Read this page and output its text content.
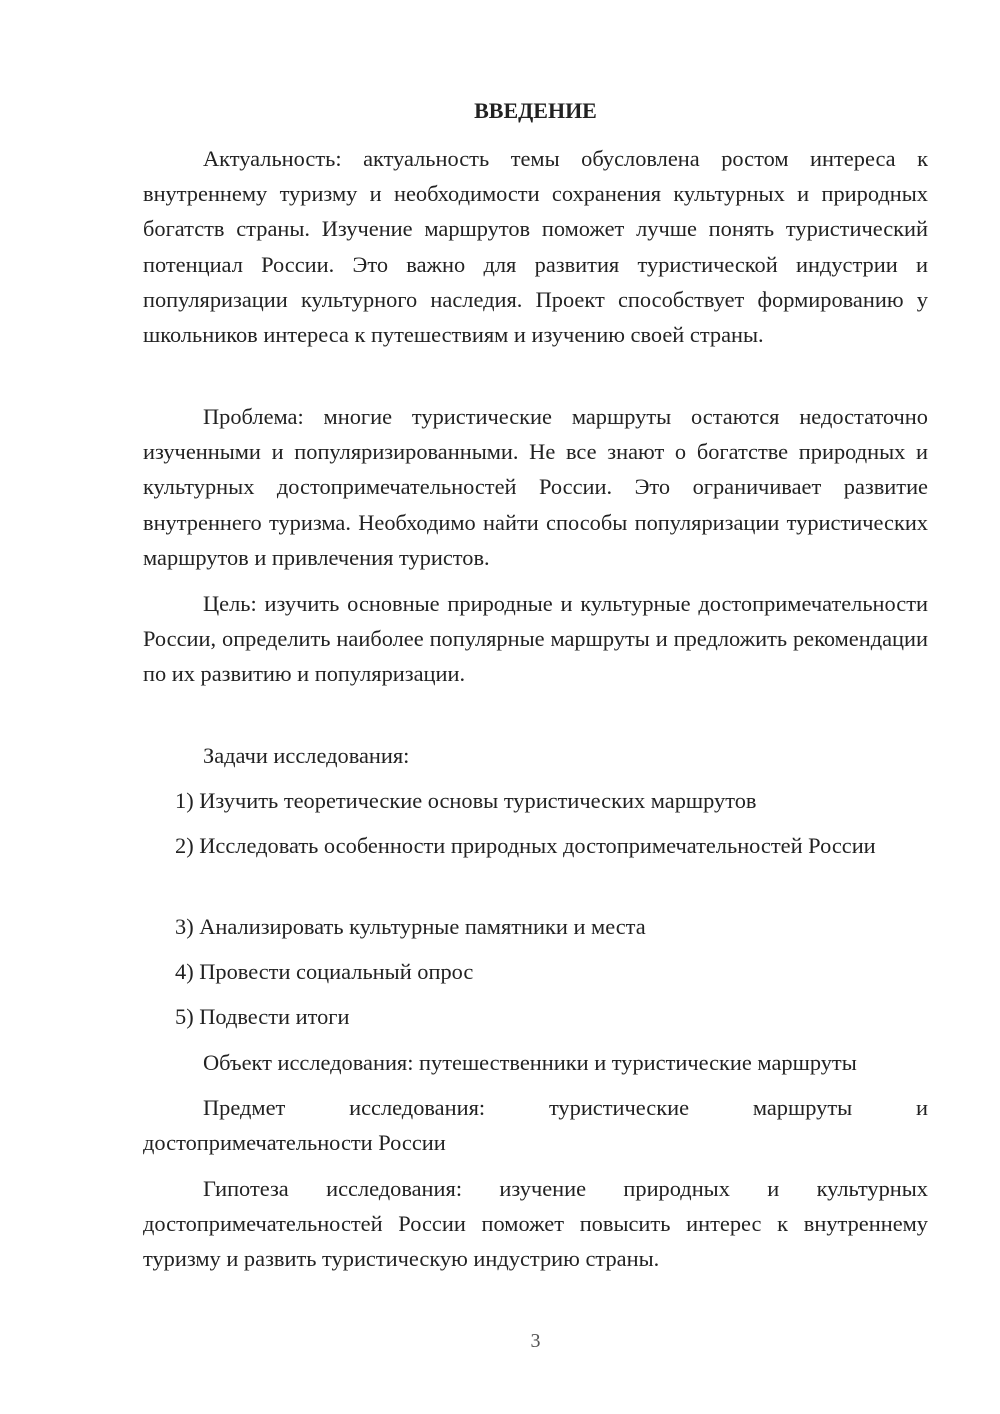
ВВЕДЕНИЕ

Актуальность: актуальность темы обусловлена ростом интереса к внутреннему туризму и необходимости сохранения культурных и природных богатств страны. Изучение маршрутов поможет лучше понять туристический потенциал России. Это важно для развития туристической индустрии и популяризации культурного наследия. Проект способствует формированию у школьников интереса к путешествиям и изучению своей страны.

Проблема: многие туристические маршруты остаются недостаточно изученными и популяризированными. Не все знают о богатстве природных и культурных достопримечательностей России. Это ограничивает развитие внутреннего туризма. Необходимо найти способы популяризации туристических маршрутов и привлечения туристов.

Цель: изучить основные природные и культурные достопримечательности России, определить наиболее популярные маршруты и предложить рекомендации по их развитию и популяризации.

Задачи исследования:

1) Изучить теоретические основы туристических маршрутов

2) Исследовать особенности природных достопримечательностей России

3) Анализировать культурные памятники и места

4) Провести социальный опрос

5) Подвести итоги

Объект исследования: путешественники и туристические маршруты

Предмет исследования: туристические маршруты и достопримечательности России

Гипотеза исследования: изучение природных и культурных достопримечательностей России поможет повысить интерес к внутреннему туризму и развить туристическую индустрию страны.

3
